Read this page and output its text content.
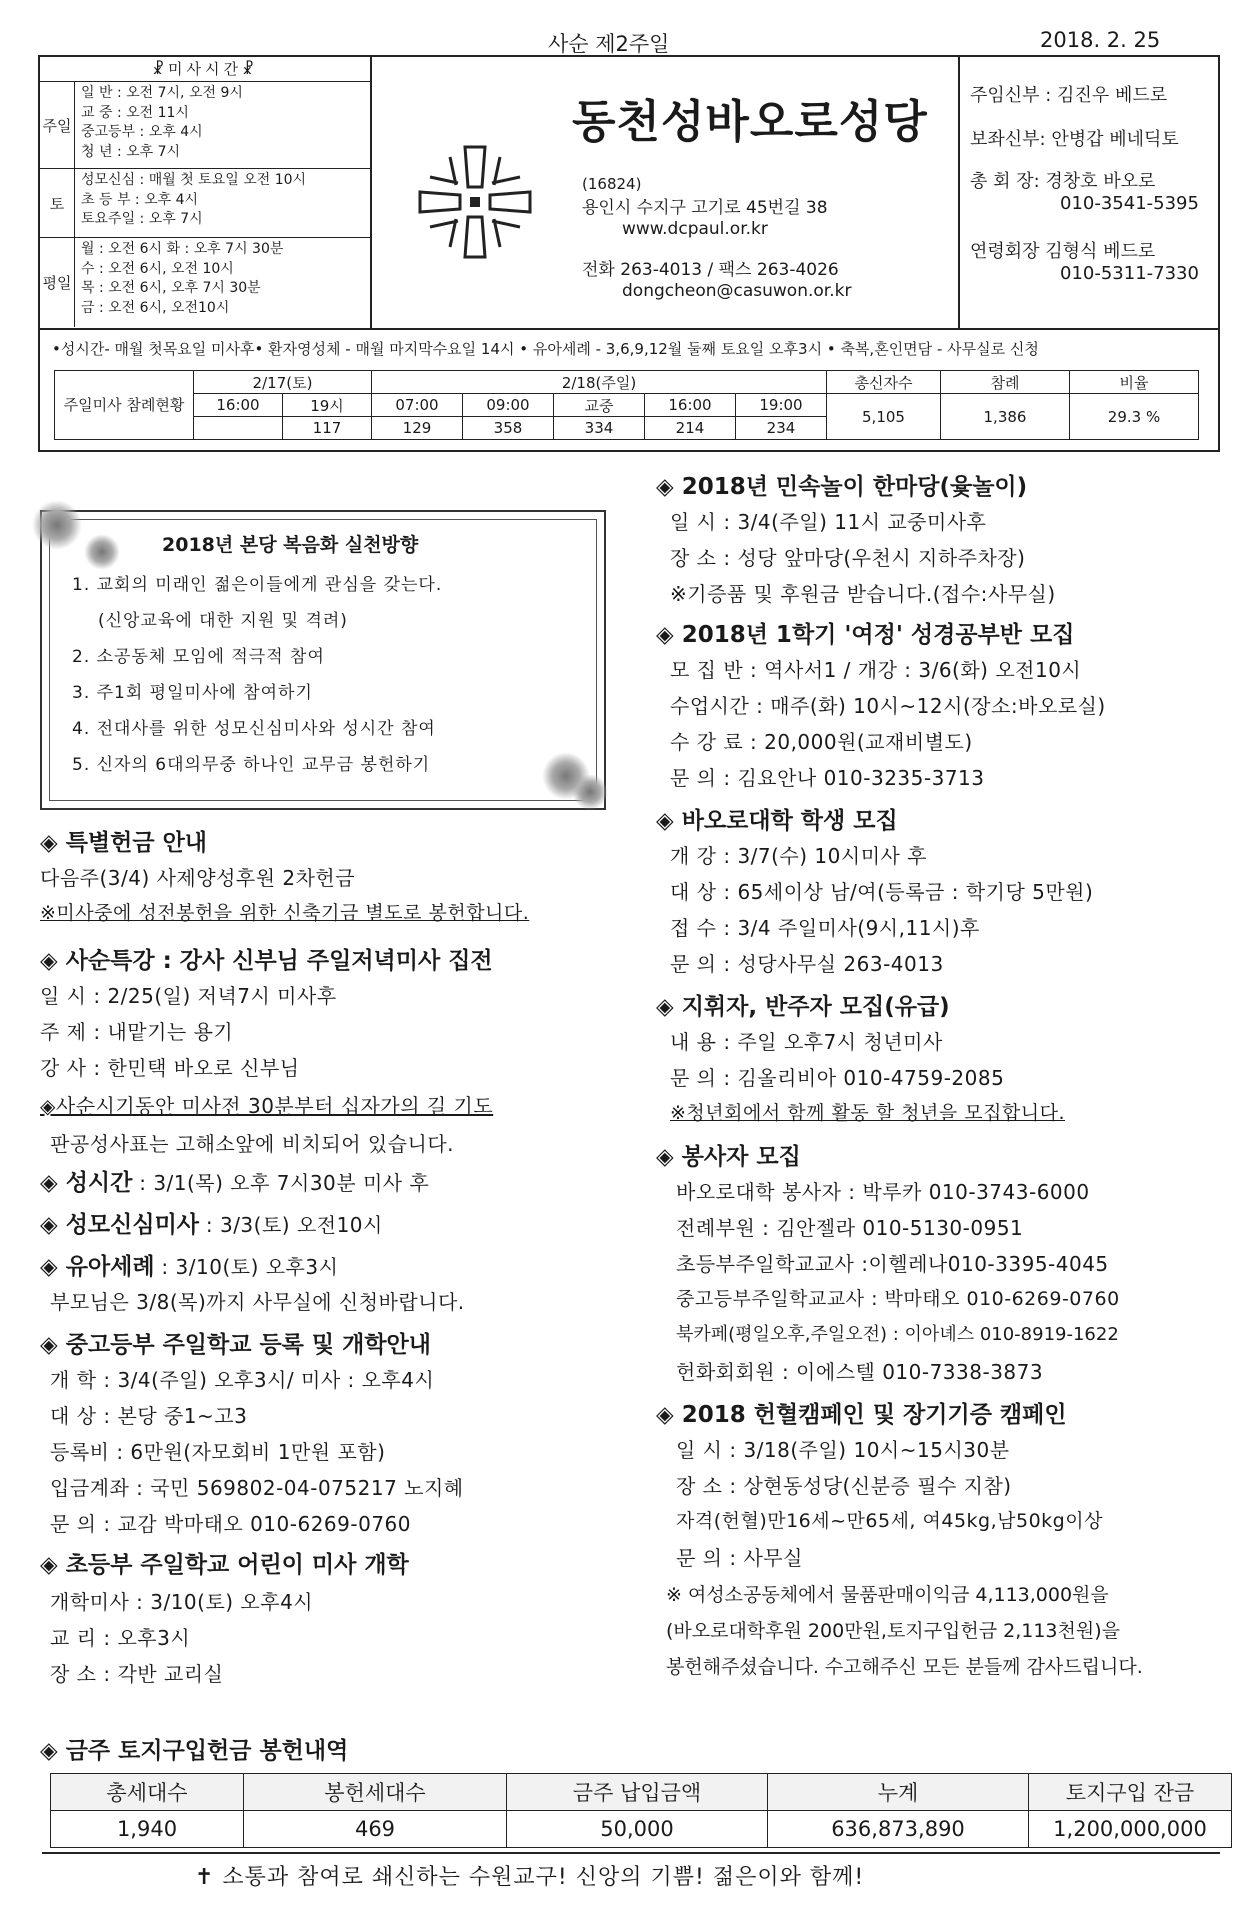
사순 제2주일	2018. 2. 25
☧미사시간☧
주일
일 반 : 오전 7시, 오전 9시
교 중 : 오전 11시
중고등부 : 오후 4시
청 년 : 오후 7시
토
성모신심 : 매월 첫 토요일 오전 10시
초 등 부 : 오후 4시
토요주일 : 오후 7시
평일
월 : 오전 6시 화 : 오후 7시 30분
수 : 오전 6시, 오전 10시
목 : 오전 6시, 오후 7시 30분
금 : 오전 6시, 오전10시
동천성바오로성당
(16824)
용인시 수지구 고기로 45번길 38
www.dcpaul.or.kr
전화 263-4013 / 팩스 263-4026
dongcheon@casuwon.or.kr
주임신부 : 김진우 베드로
보좌신부: 안병갑 베네딕토
총 회 장: 경창호 바오로
010-3541-5395
연령회장 김형식 베드로
010-5311-7330
•성시간- 매월 첫목요일 미사후• 환자영성체 - 매월 마지막수요일 14시 • 유아세례 - 3,6,9,12월 둘째 토요일 오후3시 • 축복,혼인면담 - 사무실로 신청
주일미사 참례현황	2/17(토)		2/18(주일)					총신자수	참례	비율
	16:00	19시	07:00	09:00	교중	16:00	19:00	5,105	1,386	29.3 %
		117	129	358	334	214	234			
2018년 본당 복음화 실천방향
1. 교회의 미래인 젊은이들에게 관심을 갖는다.
(신앙교육에 대한 지원 및 격려)
2. 소공동체 모임에 적극적 참여
3. 주1회 평일미사에 참여하기
4. 전대사를 위한 성모신심미사와 성시간 참여
5. 신자의 6대의무중 하나인 교무금 봉헌하기
◈ 특별헌금 안내
다음주(3/4) 사제양성후원 2차헌금
※미사중에 성전봉헌을 위한 신축기금 별도로 봉헌합니다.
◈ 사순특강 : 강사 신부님 주일저녁미사 집전
일 시 : 2/25(일) 저녁7시 미사후
주 제 : 내맡기는 용기
강 사 : 한민택 바오로 신부님
◈사순시기동안 미사전 30분부터 십자가의 길 기도
판공성사표는 고해소앞에 비치되어 있습니다.
◈ 성시간 : 3/1(목) 오후 7시30분 미사 후
◈ 성모신심미사 : 3/3(토) 오전10시
◈ 유아세례 : 3/10(토) 오후3시
부모님은 3/8(목)까지 사무실에 신청바랍니다.
◈ 중고등부 주일학교 등록 및 개학안내
개 학 : 3/4(주일) 오후3시/ 미사 : 오후4시
대 상 : 본당 중1~고3
등록비 : 6만원(자모회비 1만원 포함)
입금계좌 : 국민 569802-04-075217 노지혜
문 의 : 교감 박마태오 010-6269-0760
◈ 초등부 주일학교 어린이 미사 개학
개학미사 : 3/10(토) 오후4시
교 리 : 오후3시
장 소 : 각반 교리실
◈ 2018년 민속놀이 한마당(윷놀이)
일 시 : 3/4(주일) 11시 교중미사후
장 소 : 성당 앞마당(우천시 지하주차장)
※기증품 및 후원금 받습니다.(접수:사무실)
◈ 2018년 1학기 '여정' 성경공부반 모집
모 집 반 : 역사서1 / 개강 : 3/6(화) 오전10시
수업시간 : 매주(화) 10시~12시(장소:바오로실)
수 강 료 : 20,000원(교재비별도)
문 의 : 김요안나 010-3235-3713
◈ 바오로대학 학생 모집
개 강 : 3/7(수) 10시미사 후
대 상 : 65세이상 남/여(등록금 : 학기당 5만원)
접 수 : 3/4 주일미사(9시,11시)후
문 의 : 성당사무실 263-4013
◈ 지휘자, 반주자 모집(유급)
내 용 : 주일 오후7시 청년미사
문 의 : 김올리비아 010-4759-2085
※청년회에서 함께 활동 할 청년을 모집합니다.
◈ 봉사자 모집
바오로대학 봉사자 : 박루카 010-3743-6000
전례부원 : 김안젤라 010-5130-0951
초등부주일학교교사 :이헬레나010-3395-4045
중고등부주일학교교사 : 박마태오 010-6269-0760
북카페(평일오후,주일오전) : 이아녜스 010-8919-1622
헌화회회원 : 이에스텔 010-7338-3873
◈ 2018 헌혈캠페인 및 장기기증 캠페인
일 시 : 3/18(주일) 10시~15시30분
장 소 : 상현동성당(신분증 필수 지참)
자격(헌혈)만16세~만65세, 여45kg,남50kg이상
문 의 : 사무실
※ 여성소공동체에서 물품판매이익금 4,113,000원을
(바오로대학후원 200만원,토지구입헌금 2,113천원)을
봉헌해주셨습니다. 수고해주신 모든 분들께 감사드립니다.
◈ 금주 토지구입헌금 봉헌내역
총세대수	봉헌세대수	금주 납입금액	누계	토지구입 잔금
1,940	469	50,000	636,873,890	1,200,000,000
✝ 소통과 참여로 쇄신하는 수원교구! 신앙의 기쁨! 젊은이와 함께!
